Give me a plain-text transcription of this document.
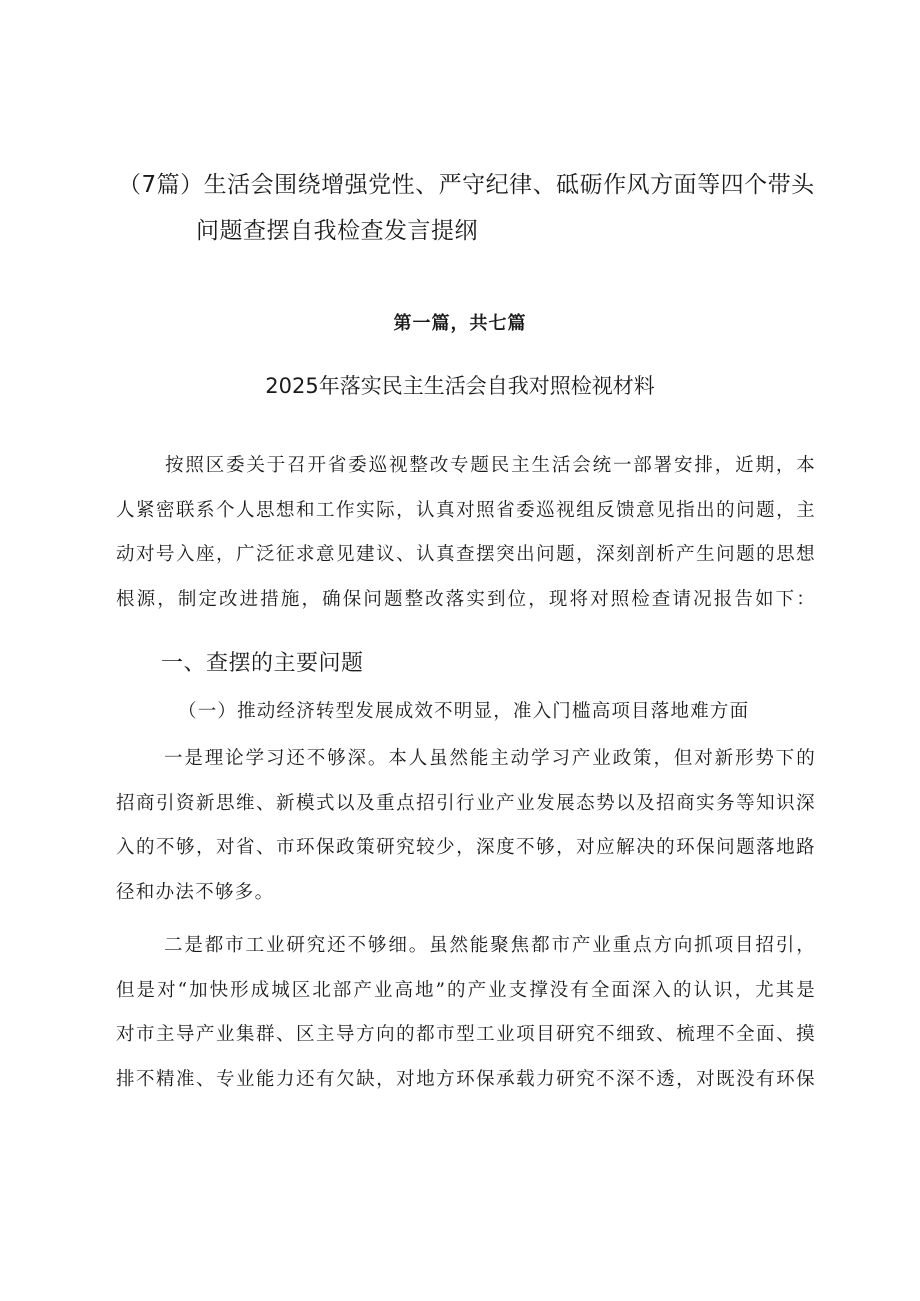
（7篇）生活会围绕增强党性、严守纪律、砥砺作风方面等四个带头
问题查摆自我检查发言提纲
第一篇，共七篇
2025年落实民主生活会自我对照检视材料
按照区委关于召开省委巡视整改专题民主生活会统一部署安排，近期，本
人紧密联系个人思想和工作实际，认真对照省委巡视组反馈意见指出的问题，主
动对号入座，广泛征求意见建议、认真查摆突出问题，深刻剖析产生问题的思想
根源，制定改进措施，确保问题整改落实到位，现将对照检查请况报告如下：
一、查摆的主要问题
（一）推动经济转型发展成效不明显，准入门槛高项目落地难方面
一是理论学习还不够深。本人虽然能主动学习产业政策，但对新形势下的
招商引资新思维、新模式以及重点招引行业产业发展态势以及招商实务等知识深
入的不够，对省、市环保政策研究较少，深度不够，对应解决的环保问题落地路
径和办法不够多。
二是都市工业研究还不够细。虽然能聚焦都市产业重点方向抓项目招引，
但是对“加快形成城区北部产业高地”的产业支撑没有全面深入的认识，尤其是
对市主导产业集群、区主导方向的都市型工业项目研究不细致、梳理不全面、摸
排不精准、专业能力还有欠缺，对地方环保承载力研究不深不透，对既没有环保
